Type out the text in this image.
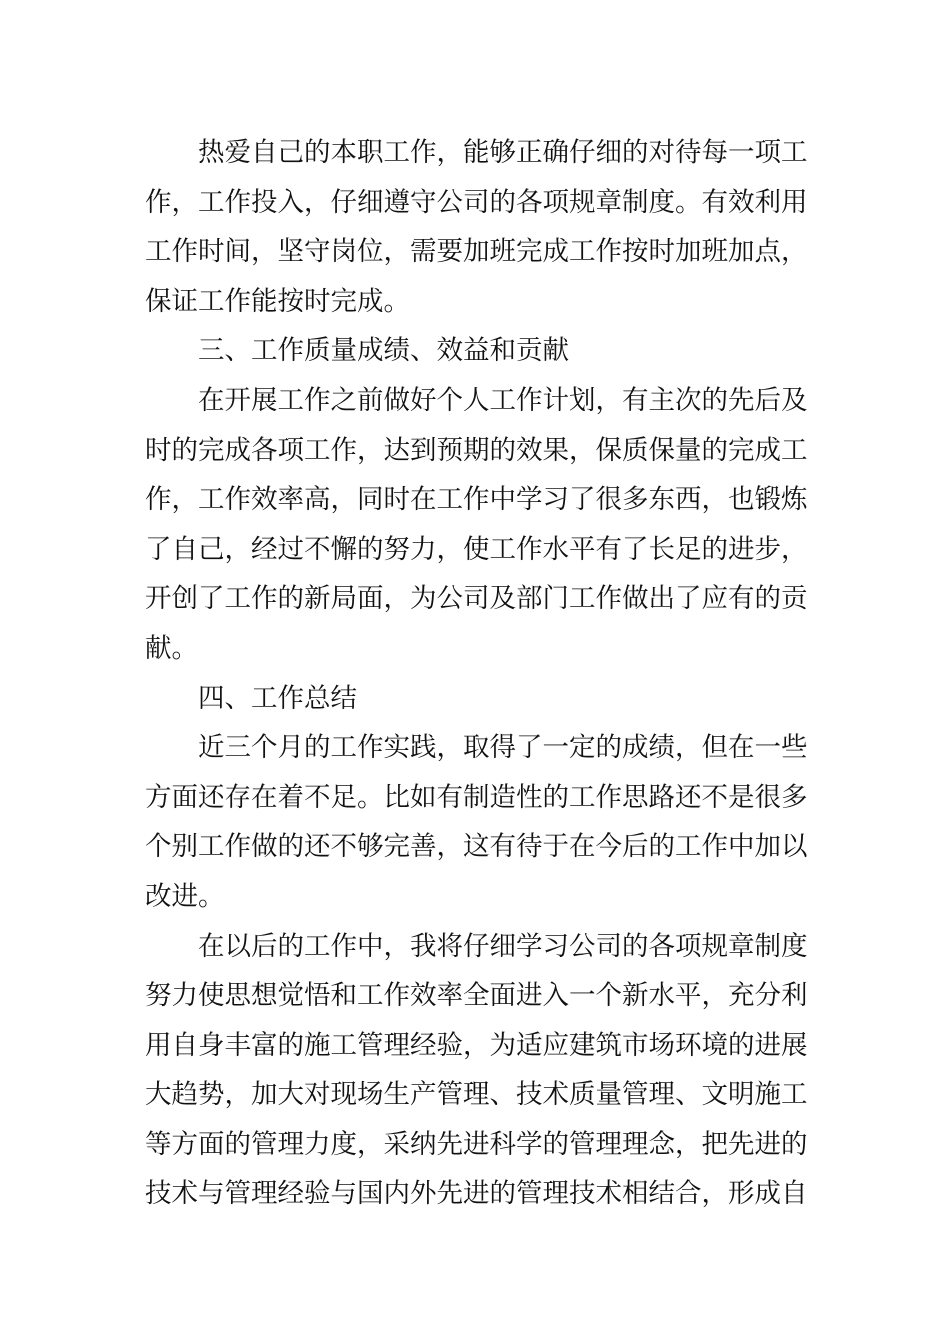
热爱自己的本职工作，能够正确仔细的对待每一项工
作，工作投入，仔细遵守公司的各项规章制度。有效利用
工作时间，坚守岗位，需要加班完成工作按时加班加点，
保证工作能按时完成。
三、工作质量成绩、效益和贡献
在开展工作之前做好个人工作计划，有主次的先后及
时的完成各项工作，达到预期的效果，保质保量的完成工
作，工作效率高，同时在工作中学习了很多东西，也锻炼
了自己，经过不懈的努力，使工作水平有了长足的进步，
开创了工作的新局面，为公司及部门工作做出了应有的贡
献。
四、工作总结
近三个月的工作实践，取得了一定的成绩，但在一些
方面还存在着不足。比如有制造性的工作思路还不是很多
个别工作做的还不够完善，这有待于在今后的工作中加以
改进。
在以后的工作中，我将仔细学习公司的各项规章制度
努力使思想觉悟和工作效率全面进入一个新水平，充分利
用自身丰富的施工管理经验，为适应建筑市场环境的进展
大趋势，加大对现场生产管理、技术质量管理、文明施工
等方面的管理力度，采纳先进科学的管理理念，把先进的
技术与管理经验与国内外先进的管理技术相结合，形成自
